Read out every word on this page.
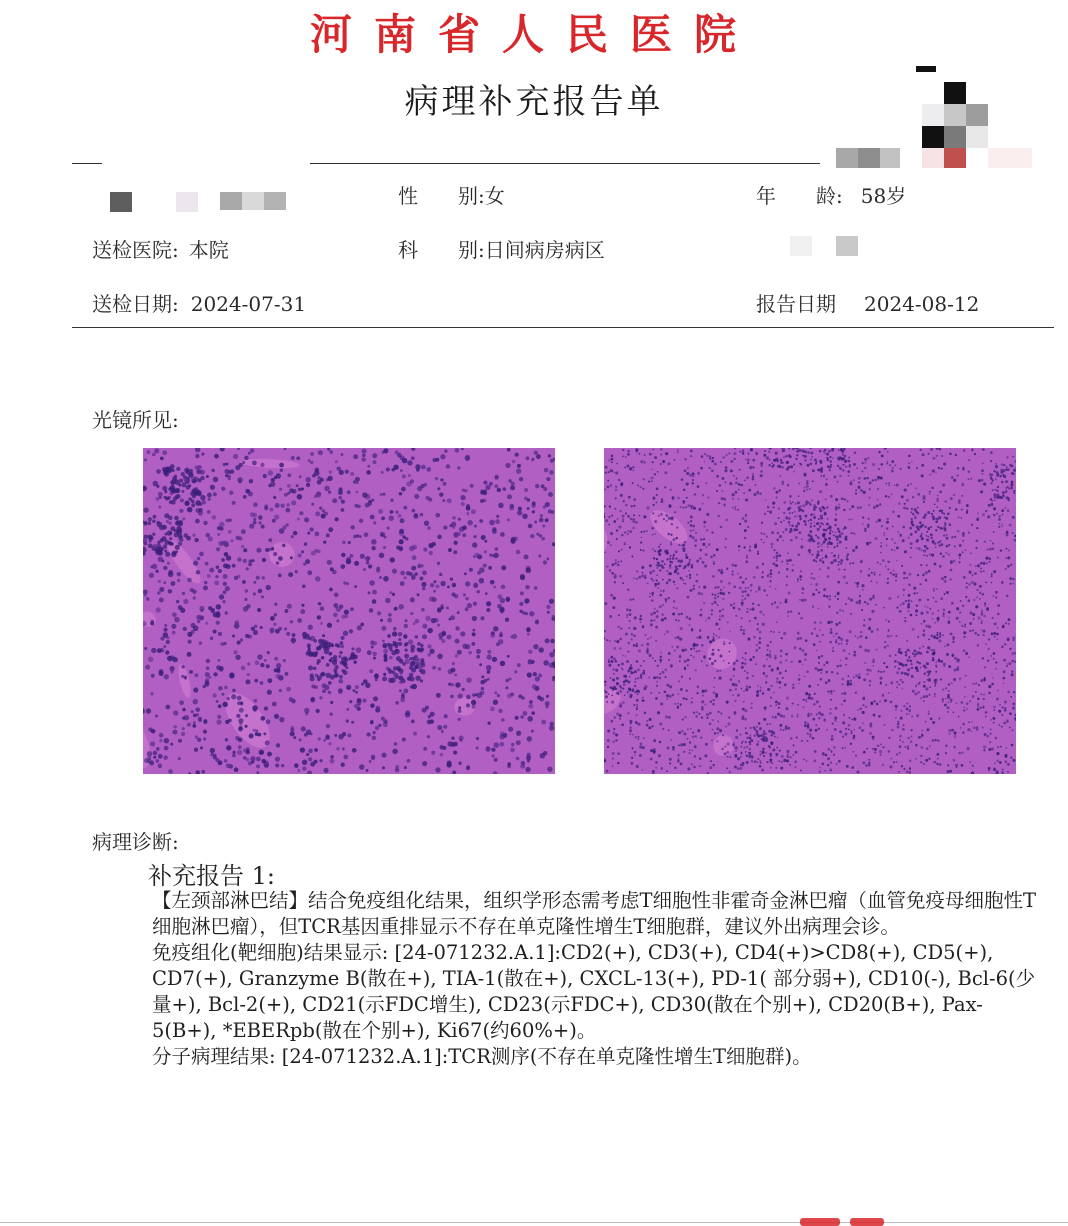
河南省人民医院
病理补充报告单
性　　别:女	年　　龄: 58岁
送检医院: 本院	科　　别:日间病房病区
送检日期: 2024-07-31	报告日期 2024-08-12
光镜所见:
病理诊断:
补充报告 1:

【左颈部淋巴结】结合免疫组化结果，组织学形态需考虑T细胞性非霍奇金淋巴瘤（血管免疫母细胞性T细胞淋巴瘤），但TCR基因重排显示不存在单克隆性增生T细胞群，建议外出病理会诊。

免疫组化(靶细胞)结果显示: [24-071232.A.1]:CD2(+), CD3(+), CD4(+)>CD8(+), CD5(+), CD7(+), Granzyme B(散在+), TIA-1(散在+), CXCL-13(+), PD-1( 部分弱+), CD10(-), Bcl-6(少量+), Bcl-2(+), CD21(示FDC增生), CD23(示FDC+), CD30(散在个别+), CD20(B+), Pax-5(B+), *EBERpb(散在个别+), Ki67(约60%+)。

分子病理结果: [24-071232.A.1]:TCR测序(不存在单克隆性增生T细胞群)。
